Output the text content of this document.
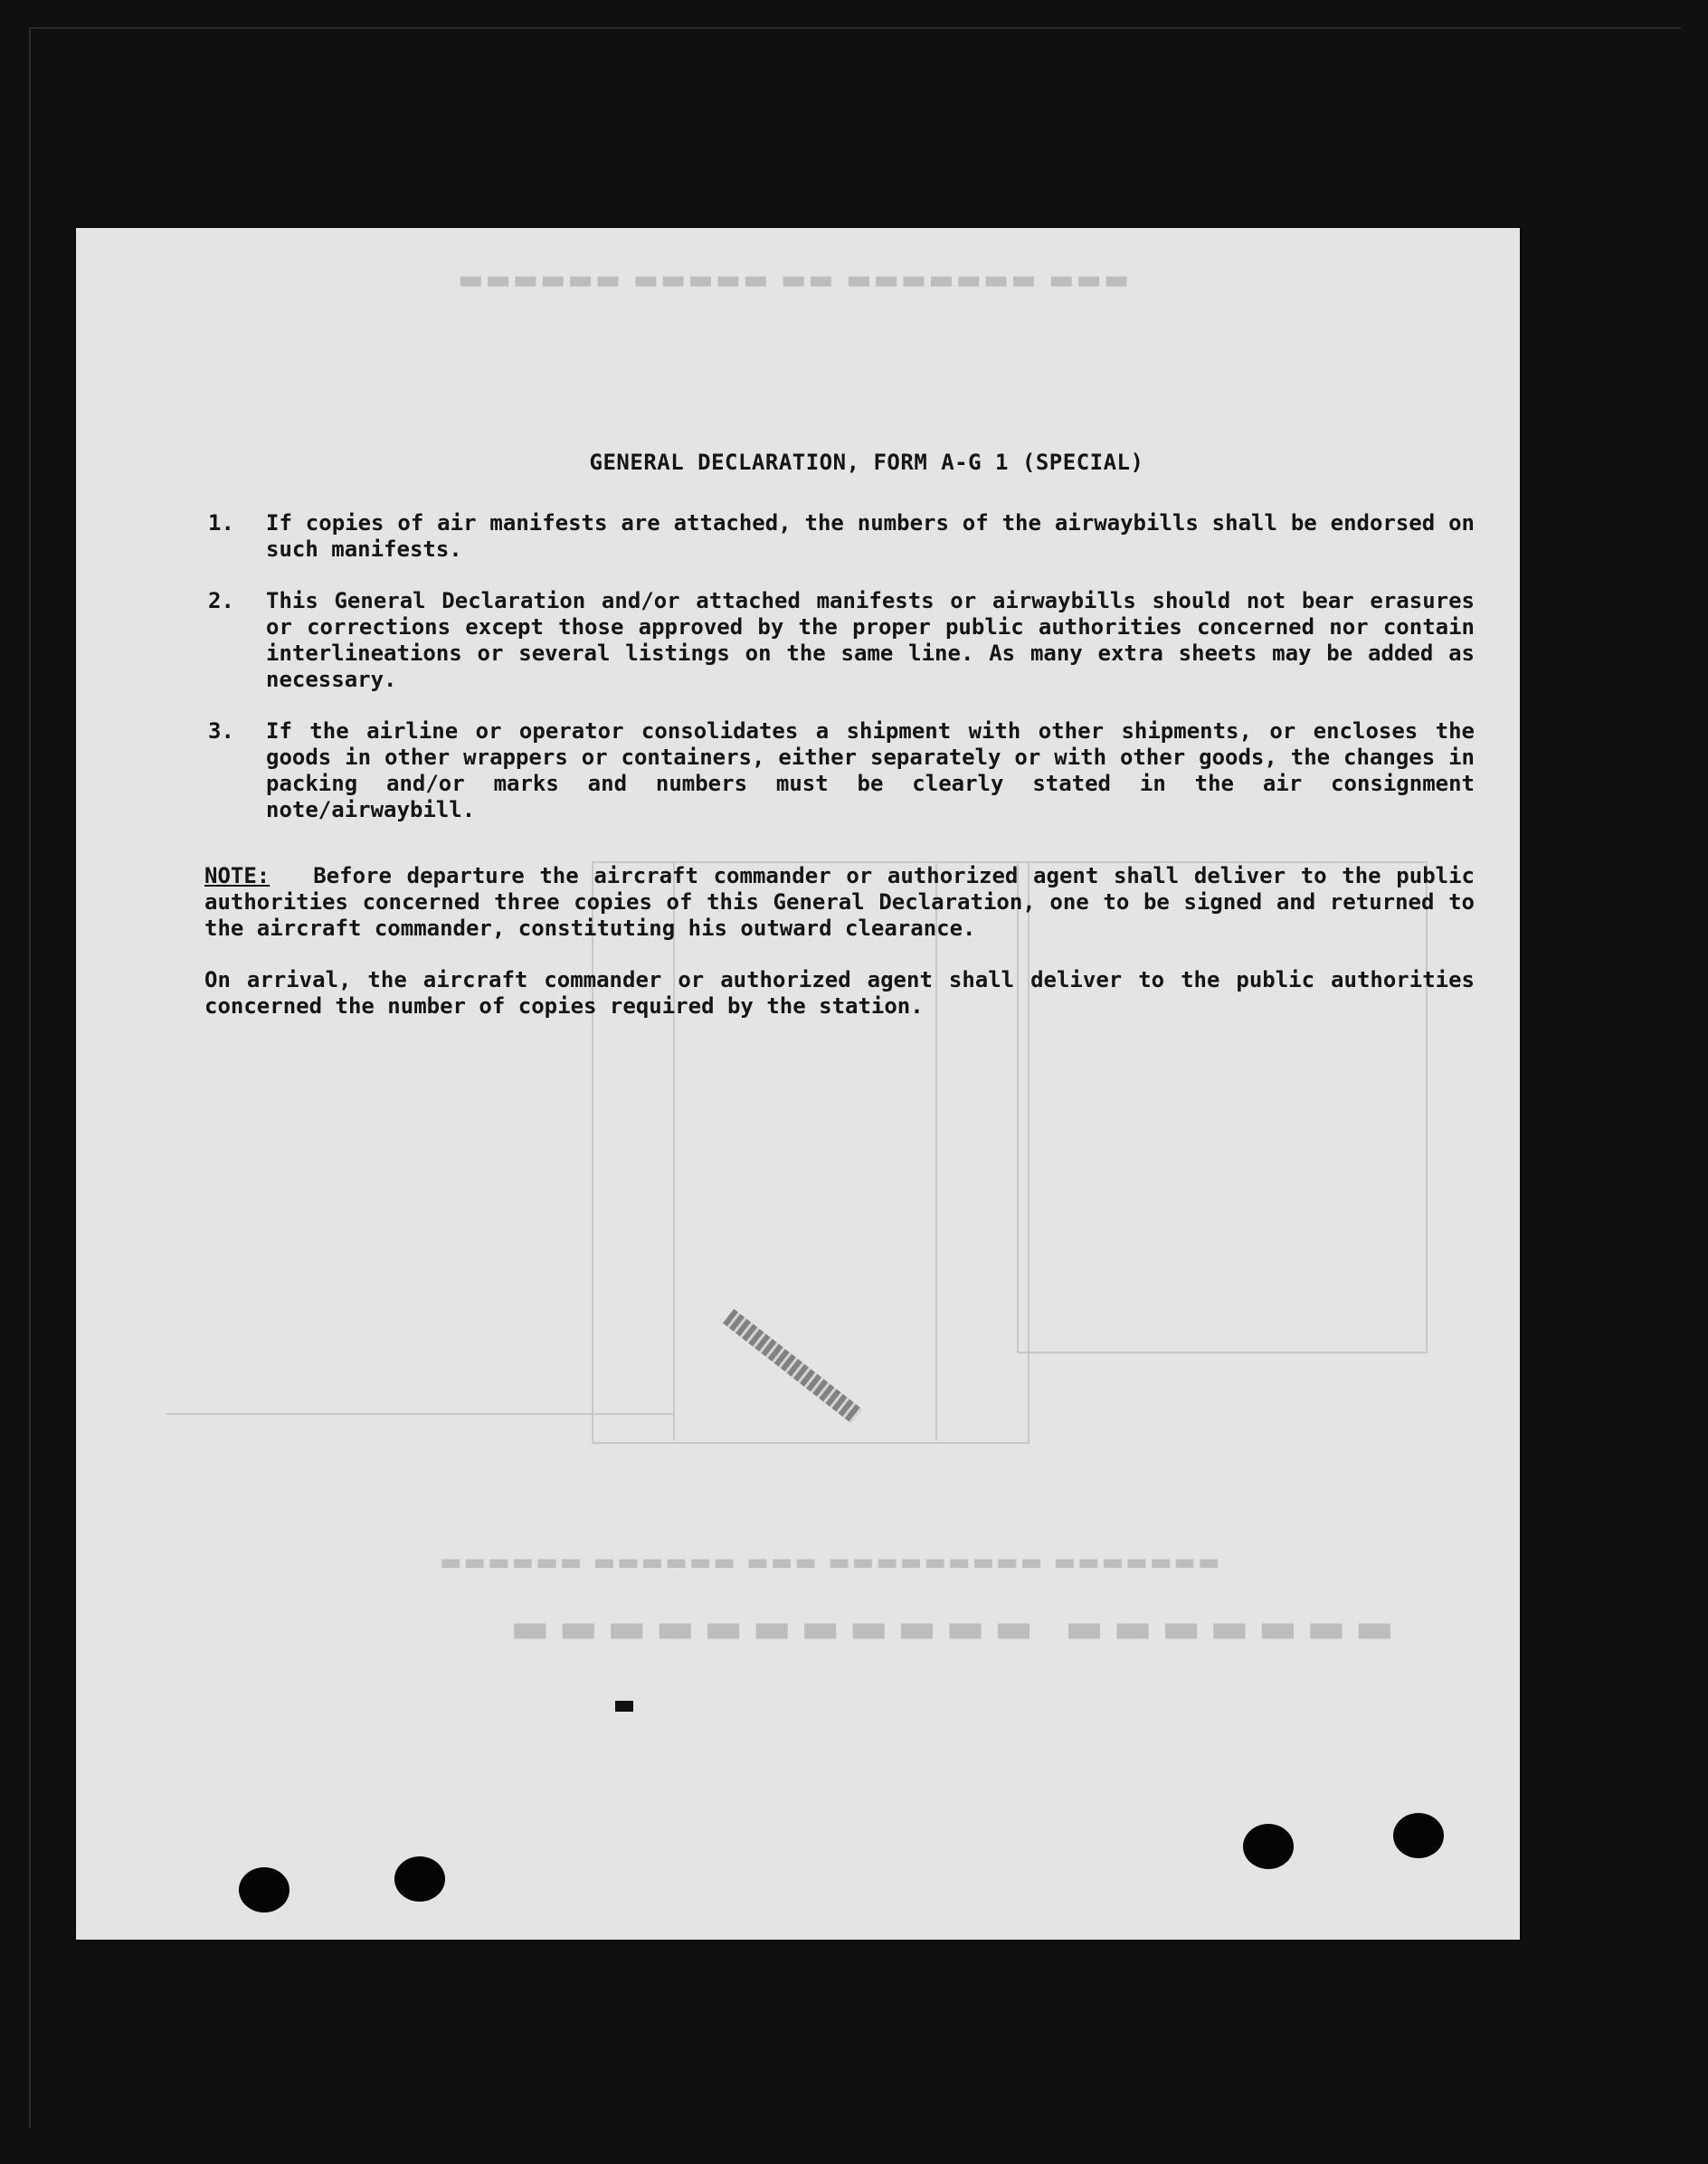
▬▬▬ ▬▬▬▬▬▬▬ ▬▬ ▬▬▬▬▬ ▬▬▬▬▬▬
▬▬▬▬▬▬▬ ▬▬▬▬▬▬▬▬▬▬▬
▬▬▬▬▬▬▬ ▬▬▬▬▬▬▬▬▬ ▬▬▬ ▬▬▬▬▬▬ ▬▬▬▬▬▬
GENERAL DECLARATION, FORM A-G 1 (SPECIAL)
1.	If copies of air manifests are attached, the numbers of the airwaybills shall be endorsed on such manifests.
2.	This General Declaration and/or attached manifests or airwaybills should not bear erasures or corrections except those approved by the proper public authorities concerned nor contain interlineations or several listings on the same line. As many extra sheets may be added as necessary.
3.	If the airline or operator consolidates a shipment with other shipments, or encloses the goods in other wrappers or containers, either separately or with other goods, the changes in packing and/or marks and numbers must be clearly stated in the air consignment note/airwaybill.
NOTE: Before departure the aircraft commander or authorized agent shall deliver to the public authorities concerned three copies of this General Declaration, one to be signed and returned to the aircraft commander, constituting his outward clearance.
On arrival, the aircraft commander or authorized agent shall deliver to the public authorities concerned the number of copies required by the station.
